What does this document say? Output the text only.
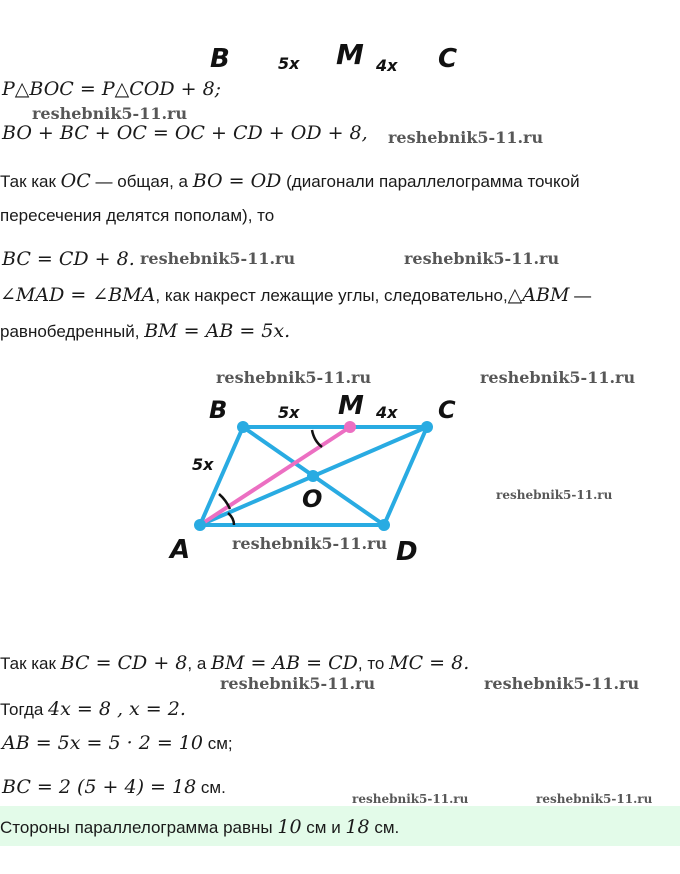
B	5x M 4x C
P△BOC = P△COD + 8;
reshebnik5-11.ru
BO + BC + OC = OC + CD + OD + 8, reshebnik5-11.ru
Так как OC — общая, а BO = OD (диагонали параллелограмма точкой
пересечения делятся пополам), то
BC = CD + 8. reshebnik5-11.ru	reshebnik5-11.ru
∠MAD = ∠BMA, как накрест лежащие углы, следовательно,△ABM —
равнобедренный, BM = AB = 5x.
reshebnik5-11.ru	reshebnik5-11.ru
B	M	C
A	D
O
5x
5x	4x
reshebnik5-11.ru
reshebnik5-11.ru
Так как BC = CD + 8, а BM = AB = CD, то MC = 8.
reshebnik5-11.ru	reshebnik5-11.ru
Тогда 4x = 8 , x = 2.
AB = 5x = 5 · 2 = 10 см;
BC = 2 (5 + 4) = 18 см.
reshebnik5-11.ru	reshebnik5-11.ru
Стороны параллелограмма равны 10 см и 18 см.
